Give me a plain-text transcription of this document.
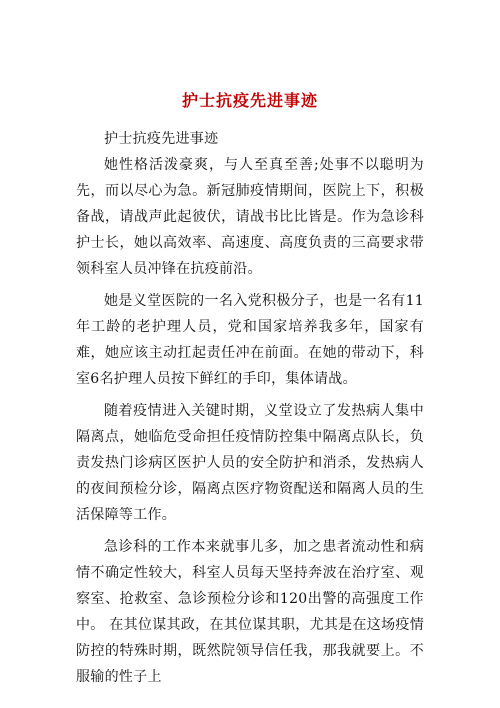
护士抗疫先进事迹

护士抗疫先进事迹

她性格活泼豪爽，与人至真至善;处事不以聪明为先，而以尽心为急。新冠肺疫情期间，医院上下，积极备战，请战声此起彼伏，请战书比比皆是。作为急诊科护士长，她以高效率、高速度、高度负责的三高要求带领科室人员冲锋在抗疫前沿。

她是义堂医院的一名入党积极分子，也是一名有11年工龄的老护理人员，党和国家培养我多年，国家有难，她应该主动扛起责任冲在前面。在她的带动下，科室6名护理人员按下鲜红的手印，集体请战。

随着疫情进入关键时期，义堂设立了发热病人集中隔离点，她临危受命担任疫情防控集中隔离点队长，负责发热门诊病区医护人员的安全防护和消杀，发热病人的夜间预检分诊，隔离点医疗物资配送和隔离人员的生活保障等工作。

急诊科的工作本来就事儿多，加之患者流动性和病情不确定性较大，科室人员每天坚持奔波在治疗室、观察室、抢救室、急诊预检分诊和120出警的高强度工作中。 在其位谋其政，在其位谋其职，尤其是在这场疫情防控的特殊时期，既然院领导信任我，那我就要上。不服输的性子上
